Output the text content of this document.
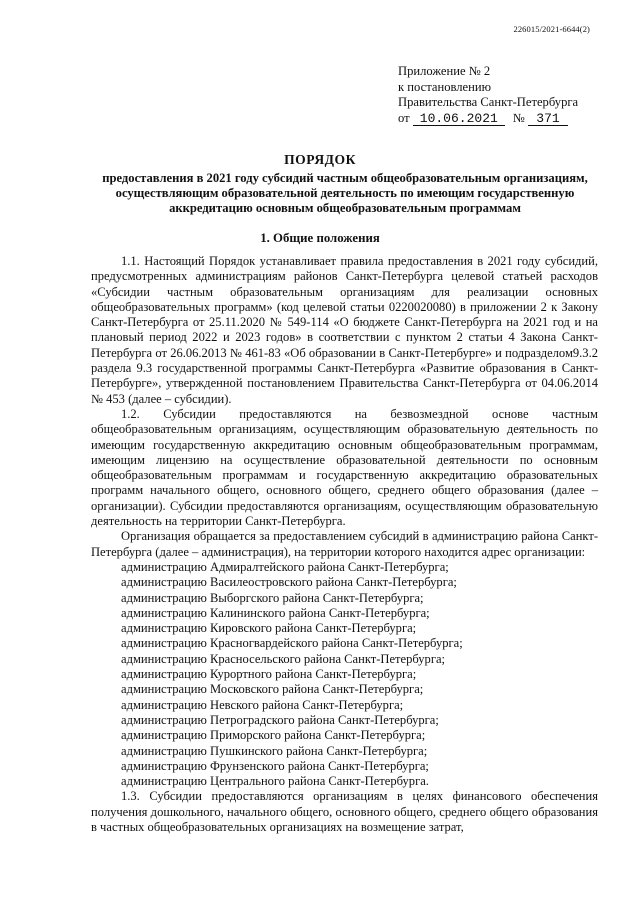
226015/2021-6644(2)
Приложение № 2
к постановлению
Правительства Санкт-Петербурга
от 10.06.2021 № 371
ПОРЯДОК
предоставления в 2021 году субсидий частным общеобразовательным организациям, осуществляющим образовательной деятельность по имеющим государственную аккредитацию основным общеобразовательным программам
1. Общие положения

1.1. Настоящий Порядок устанавливает правила предоставления в 2021 году субсидий, предусмотренных администрациям районов Санкт-Петербурга целевой статьей расходов «Субсидии частным образовательным организациям для реализации основных общеобразовательных программ» (код целевой статьи 0220020080) в приложении 2 к Закону Санкт-Петербурга от 25.11.2020 № 549-114 «О бюджете Санкт-Петербурга на 2021 год и на плановый период 2022 и 2023 годов» в соответствии с пунктом 2 статьи 4 Закона Санкт-Петербурга от 26.06.2013 № 461-83 «Об образовании в Санкт-Петербурге» и подразделом9.3.2 раздела 9.3 государственной программы Санкт-Петербурга «Развитие образования в Санкт-Петербурге», утвержденной постановлением Правительства Санкт-Петербурга от 04.06.2014 № 453 (далее – субсидии).

1.2. Субсидии предоставляются на безвозмездной основе частным общеобразовательным организациям, осуществляющим образовательную деятельность по имеющим государственную аккредитацию основным общеобразовательным программам, имеющим лицензию на осуществление образовательной деятельности по основным общеобразовательным программам и государственную аккредитацию образовательных программ начального общего, основного общего, среднего общего образования (далее – организации). Субсидии предоставляются организациям, осуществляющим образовательную деятельность на территории Санкт-Петербурга.

Организация обращается за предоставлением субсидий в администрацию района Санкт-Петербурга (далее – администрация), на территории которого находится адрес организации:

администрацию Адмиралтейского района Санкт-Петербурга;
администрацию Василеостровского района Санкт-Петербурга;
администрацию Выборгского района Санкт-Петербурга;
администрацию Калининского района Санкт-Петербурга;
администрацию Кировского района Санкт-Петербурга;
администрацию Красногвардейского района Санкт-Петербурга;
администрацию Красносельского района Санкт-Петербурга;
администрацию Курортного района Санкт-Петербурга;
администрацию Московского района Санкт-Петербурга;
администрацию Невского района Санкт-Петербурга;
администрацию Петроградского района Санкт-Петербурга;
администрацию Приморского района Санкт-Петербурга;
администрацию Пушкинского района Санкт-Петербурга;
администрацию Фрунзенского района Санкт-Петербурга;
администрацию Центрального района Санкт-Петербурга.

1.3. Субсидии предоставляются организациям в целях финансового обеспечения получения дошкольного, начального общего, основного общего, среднего общего образования в частных общеобразовательных организациях на возмещение затрат,
